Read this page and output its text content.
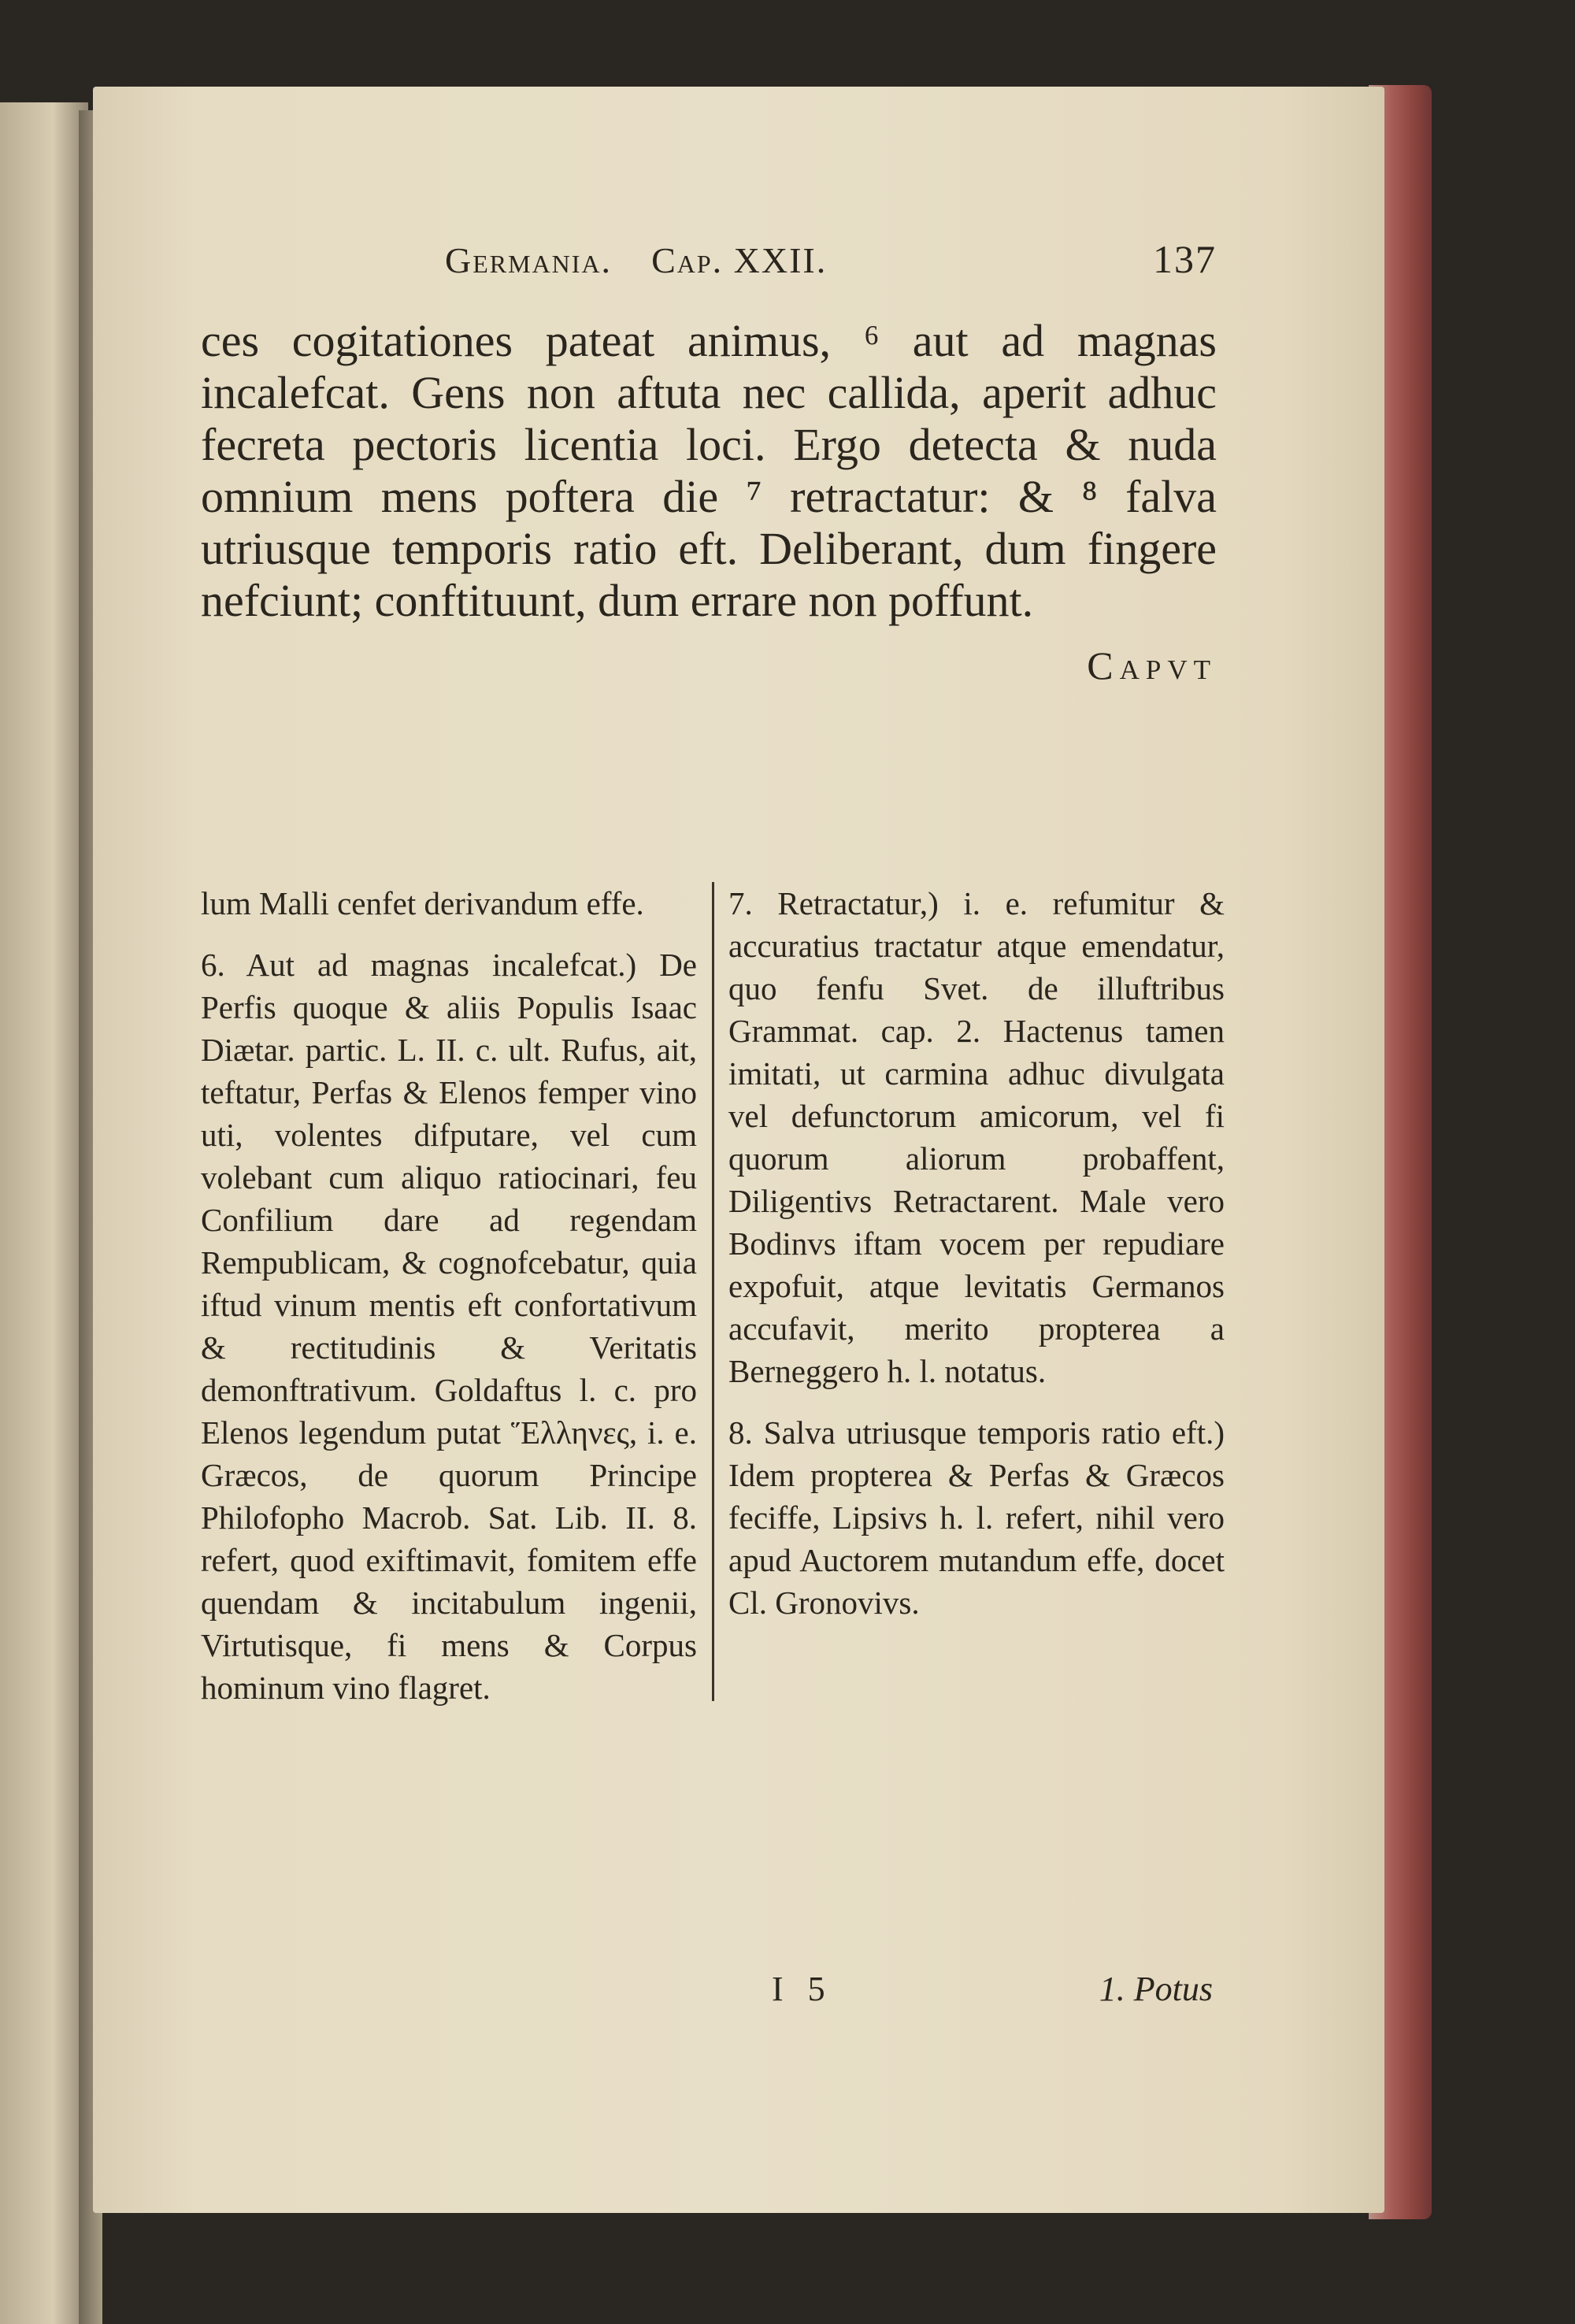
Germania. Cap. XXII.	137

ces cogitationes pateat animus, ⁶ aut ad magnas incalefcat. Gens non aftuta nec callida, aperit adhuc fecreta pectoris licentia loci. Ergo detecta & nuda omnium mens poftera die ⁷ retractatur: & ⁸ falva utriusque temporis ratio eft. Deliberant, dum fingere nefciunt; conftituunt, dum errare non poffunt.

Capvt

lum Malli cenfet derivandum effe.

6. Aut ad magnas incalefcat.) De Perfis quoque & aliis Populis Isaac Diætar. partic. L. II. c. ult. Rufus, ait, teftatur, Perfas & Elenos femper vino uti, volentes difputare, vel cum volebant cum aliquo ratiocinari, feu Confilium dare ad regendam Rempublicam, & cognofcebatur, quia iftud vinum mentis eft confortativum & rectitudinis & Veritatis demonftrativum. Goldaftus l. c. pro Elenos legendum putat Ἕλληνες, i. e. Græcos, de quorum Principe Philofopho Macrob. Sat. Lib. II. 8. refert, quod exiftimavit, fomitem effe quendam & incitabulum ingenii, Virtutisque, fi mens & Corpus hominum vino flagret.

7. Retractatur,) i. e. refumitur & accuratius tractatur atque emendatur, quo fenfu Svet. de illuftribus Grammat. cap. 2. Hactenus tamen imitati, ut carmina adhuc divulgata vel defunctorum amicorum, vel fi quorum aliorum probaffent, Diligentivs Retractarent. Male vero Bodinvs iftam vocem per repudiare expofuit, atque levitatis Germanos accufavit, merito propterea a Berneggero h. l. notatus.

8. Salva utriusque temporis ratio eft.) Idem propterea & Perfas & Græcos feciffe, Lipsivs h. l. refert, nihil vero apud Auctorem mutandum effe, docet Cl. Gronovivs.

I 5	1. Potus
